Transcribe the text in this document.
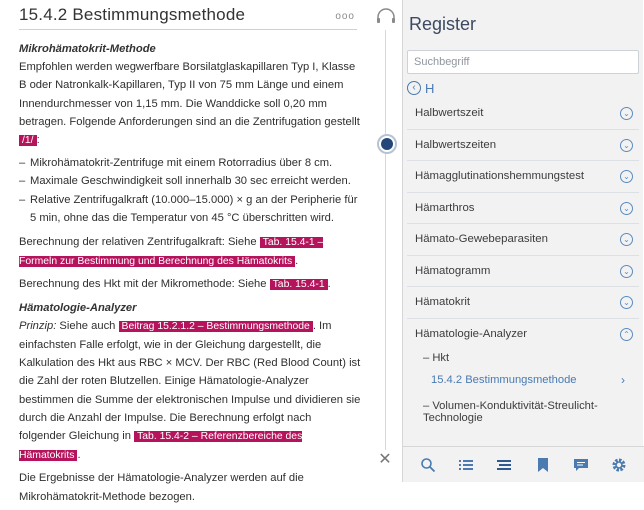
15.4.2 Bestimmungsmethode	ooo

Mikrohämatokrit-Methode
Empfohlen werden wegwerfbare Borsilatglaskapillaren Typ I, Klasse B oder Natronkalk-Kapillaren, Typ II von 75 mm Länge und einem Innendurchmesser von 1,15 mm. Die Wanddicke soll 0,20 mm betragen. Folgende Anforderungen sind an die Zentrifugation gestellt /1/ :

– Mikrohämatokrit-Zentrifuge mit einem Rotorradius über 8 cm.
– Maximale Geschwindigkeit soll innerhalb 30 sec erreicht werden.
– Relative Zentrifugalkraft (10.000–15.000) × g an der Peripherie für 5 min, ohne das die Temperatur von 45 °C überschritten wird.

Berechnung der relativen Zentrifugalkraft: Siehe Tab. 15.4-1 – Formeln zur Bestimmung und Berechnung des Hämatokrits .

Berechnung des Hkt mit der Mikromethode: Siehe Tab. 15.4-1 .

Hämatologie-Analyzer
Prinzip: Siehe auch Beitrag 15.2.1.2 – Bestimmungsmethode . Im einfachsten Falle erfolgt, wie in der Gleichung dargestellt, die Kalkulation des Hkt aus RBC × MCV. Der RBC (Red Blood Count) ist die Zahl der roten Blutzellen. Einige Hämatologie-Analyzer bestimmen die Summe der elektronischen Impulse und dividieren sie durch die Anzahl der Impulse. Die Berechnung erfolgt nach folgender Gleichung in Tab. 15.4-2 – Referenzbereiche des Hämatokrits .

Die Ergebnisse der Hämatologie-Analyzer werden auf die Mikrohämatokrit-Methode bezogen.

✕
Register
Suchbegriff
‹ H
Halbwertszeit	⌄
Halbwertszeiten	⌄
Hämagglutinationshemmungstest	⌄
Hämarthros	⌄
Hämato-Gewebeparasiten	⌄
Hämatogramm	⌄
Hämatokrit	⌄
Hämatologie-Analyzer	⌃
– Hkt
15.4.2 Bestimmungsmethode	›
– Volumen-Konduktivität-Streulicht-Technologie
